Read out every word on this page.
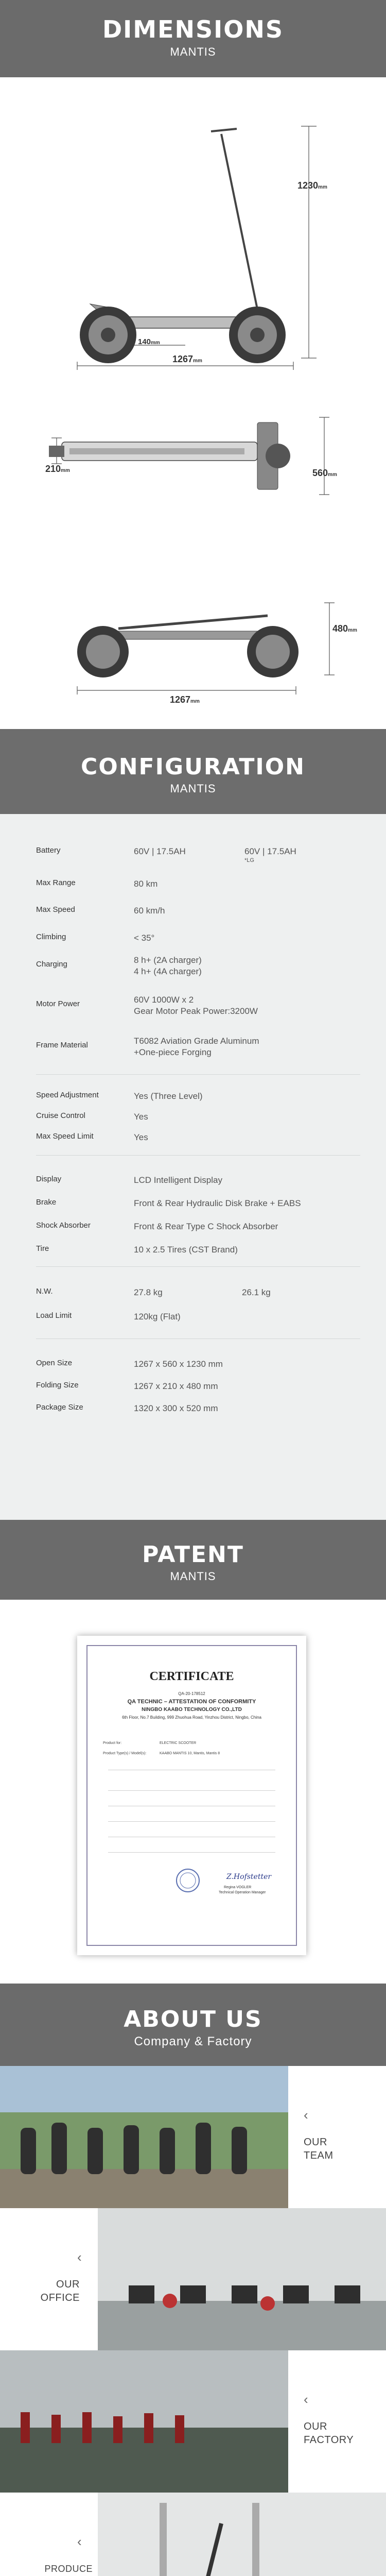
DIMENSIONS
MANTIS
1230mm
140mm
1267mm
210mm	560mm
480mm
1267mm
CONFIGURATION
MANTIS
Battery	60V | 17.5AH	60V | 17.5AH
*LG
Max Range	80 km
Max Speed	60 km/h
Climbing	< 35°
Charging	8 h+ (2A charger)
4 h+ (4A charger)
Motor Power	60V 1000W x 2
Gear Motor Peak Power:3200W
Frame Material	T6082 Aviation Grade Aluminum
+One-piece Forging
Speed Adjustment	Yes (Three Level)
Cruise Control	Yes
Max Speed Limit	Yes
Display	LCD Intelligent Display
Brake	Front & Rear Hydraulic Disk Brake + EABS
Shock Absorber	Front & Rear Type C Shock Absorber
Tire	10 x 2.5 Tires (CST Brand)
N.W.	27.8 kg	26.1 kg
Load Limit	120kg (Flat)
Open Size	1267 x 560 x 1230 mm
Folding Size	1267 x 210 x 480 mm
Package Size	1320 x 300 x 520 mm
PATENT
MANTIS
CERTIFICATE
QA-20-178512
QA TECHNIC – ATTESTATION OF CONFORMITY
NINGBO KAABO TECHNOLOGY CO.,LTD
6th Floor, No.7 Building, 999 Zhuohua Road, Yinzhou District, Ningbo, China
Product for:	ELECTRIC SCOOTER
Product Type(s) / Model(s):	KAABO MANTIS 10, Mantis, Mantis 8
Z.Hofstetter
Regina VOGLER
Technical Operation Manager
ABOUT US
Company & Factory
‹
OUR
TEAM
‹
OUR
OFFICE
‹
OUR
FACTORY
‹
PRODUCE
